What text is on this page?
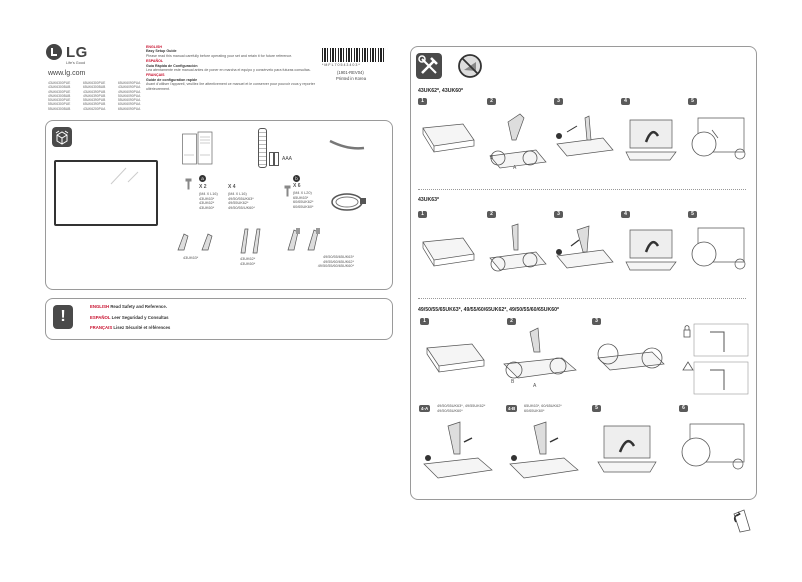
LG
Life's Good
www.lg.com
43UK6300PUE
43UK6300BUB
49UK6300PUE
49UK6300BUB
50UK6300PUE
55UK6300PUE
55UK6300BUB
65UK6300PUE
65UK6300BUB
43UK6390PUB
49UK6390PUB
55UK6390PUB
65UK6390PUB
43UK6200PUA
65UK6090PUA
43UK6090PUA
49UK6090PUA
50UK6090PUA
55UK6090PUA
60UK6090PUA
65UK6090PUA
ENGLISH
Easy Setup Guide
Please read this manual carefully before operating your set and retain it for future reference.
ESPAÑOL
Guía Rápida de Configuración
Lea atentamente este manual antes de poner en marcha el equipo y consérvelo para futuras consultas.
FRANÇAIS
Guide de configuration rapide
Avant d'utiliser l'appareil, veuillez lire attentivement ce manuel et le conserver pour pouvoir vous y reporter ultérieurement.
* M F L 7 0 5 4 3 4 0 3 *
(1901-REV04)
Printed in Korea
AAA
a
X 2
(M4 X L16)
43UK63*
43UK62*
43UK60*
X 4
(M4 X L16)
49/50/55UK63*
49/55UK62*
49/50/55/UK60*
b
X 6
(M4 X L20)
65UK63*
60/65UK62*
60/65UK60*
43UK63*	43UK62*
43UK60*
49/50/55/65UK63*
49/55/60/65UK62*
49/50/55/60/65UK60*
!
ENGLISH Read Safety and Reference.
ESPAÑOL Leer Seguridad y Consultas
FRANÇAIS Lisez Sécurité et références
43UK62*, 43UK60*
1	2	3	4	5
B
A
43UK63*
1	2	3	4	5
49/50/55/65UK63*, 49/55/60/65UK62*, 49/50/55/60/65UK60*
1	2	3
B
A
4-A	49/50/55UK63*, 49/55UK62*
49/50/55UK60*	4-B	65UK63*, 60/65UK62*
60/65UK60*	5	6
